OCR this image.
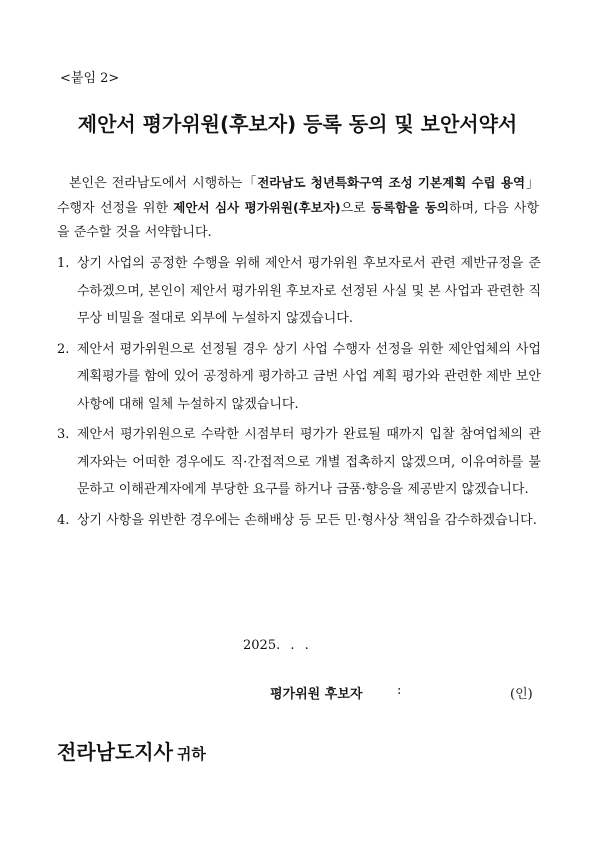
<붙임 2>
제안서 평가위원(후보자) 등록 동의 및 보안서약서

본인은 전라남도에서 시행하는「전라남도 청년특화구역 조성 기본계획 수립 용역」 수행자 선정을 위한 제안서 심사 평가위원(후보자)으로 등록함을 동의하며, 다음 사항을 준수할 것을 서약합니다.

1. 상기 사업의 공정한 수행을 위해 제안서 평가위원 후보자로서 관련 제반규정을 준수하겠으며, 본인이 제안서 평가위원 후보자로 선정된 사실 및 본 사업과 관련한 직무상 비밀을 절대로 외부에 누설하지 않겠습니다.
2. 제안서 평가위원으로 선정될 경우 상기 사업 수행자 선정을 위한 제안업체의 사업계획평가를 함에 있어 공정하게 평가하고 금번 사업 계획 평가와 관련한 제반 보안사항에 대해 일체 누설하지 않겠습니다.
3. 제안서 평가위원으로 수락한 시점부터 평가가 완료될 때까지 입찰 참여업체의 관계자와는 어떠한 경우에도 직·간접적으로 개별 접촉하지 않겠으며, 이유여하를 불문하고 이해관계자에게 부당한 요구를 하거나 금품·향응을 제공받지 않겠습니다.
4. 상기 사항을 위반한 경우에는 손해배상 등 모든 민·형사상 책임을 감수하겠습니다.
2025. . .
평가위원 후보자	:	(인)
전라남도지사 귀하
